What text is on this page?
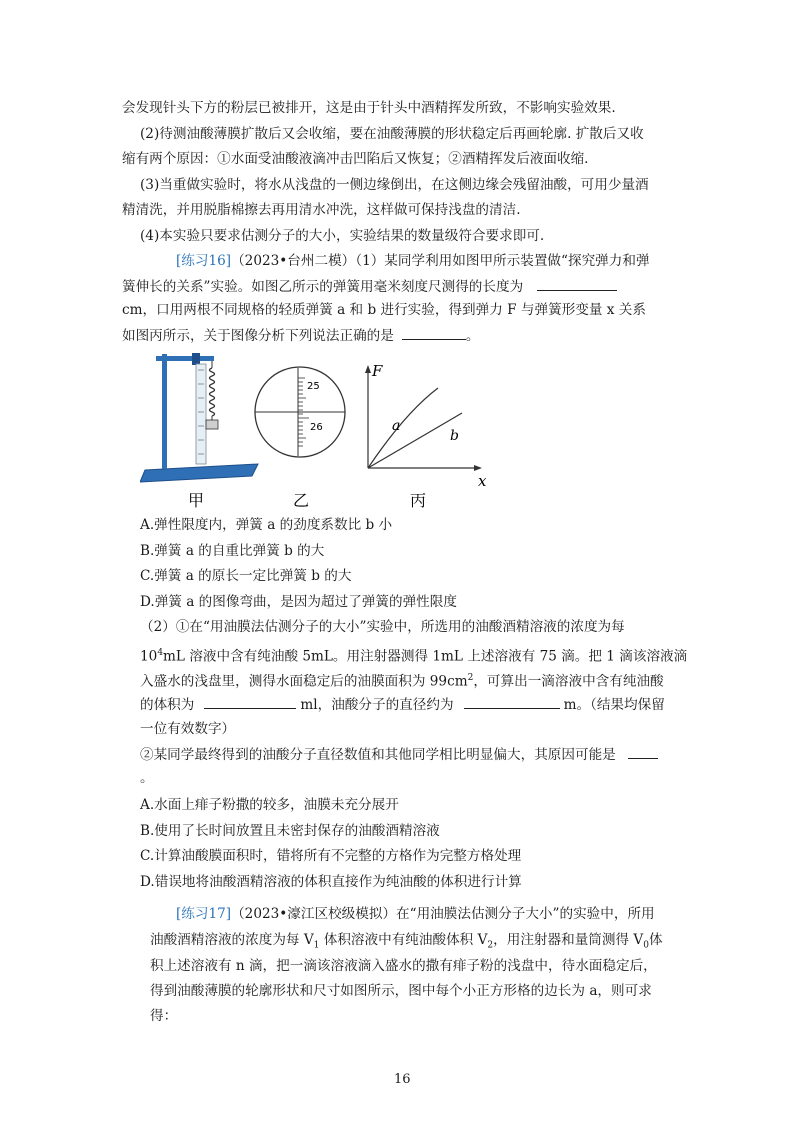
会发现针头下方的粉层已被排开，这是由于针头中酒精挥发所致，不影响实验效果.
(2)待测油酸薄膜扩散后又会收缩，要在油酸薄膜的形状稳定后再画轮廓. 扩散后又收
缩有两个原因：①水面受油酸液滴冲击凹陷后又恢复；②酒精挥发后液面收缩.
(3)当重做实验时，将水从浅盘的一侧边缘倒出，在这侧边缘会残留油酸，可用少量酒
精清洗，并用脱脂棉擦去再用清水冲洗，这样做可保持浅盘的清洁.
(4)本实验只要求估测分子的大小，实验结果的数量级符合要求即可.
[练习16]（2023•台州二模）（1）某同学利用如图甲所示装置做“探究弹力和弹
簧伸长的关系”实验。如图乙所示的弹簧用毫米刻度尺测得的长度为
cm，口用两根不同规格的轻质弹簧 a 和 b 进行实验，得到弹力 F 与弹簧形变量 x 关系
如图丙所示，关于图像分析下列说法正确的是	。
甲
25
26
乙
F
x
a
b
丙
A.弹性限度内，弹簧 a 的劲度系数比 b 小
B.弹簧 a 的自重比弹簧 b 的大
C.弹簧 a 的原长一定比弹簧 b 的大
D.弹簧 a 的图像弯曲，是因为超过了弹簧的弹性限度
（2）①在“用油膜法估测分子的大小”实验中，所选用的油酸酒精溶液的浓度为每
$10^4mL$ 溶液中含有纯油酸 5mL。用注射器测得 1mL 上述溶液有 75 滴。把 1 滴该溶液滴
入盛水的浅盘里，测得水面稳定后的油膜面积为 $99cm^2$，可算出一滴溶液中含有纯油酸
的体积为	ml，油酸分子的直径约为	m。（结果均保留
一位有效数字）
②某同学最终得到的油酸分子直径数值和其他同学相比明显偏大，其原因可能是
。
A.水面上痱子粉撒的较多，油膜未充分展开
B.使用了长时间放置且未密封保存的油酸酒精溶液
C.计算油酸膜面积时，错将所有不完整的方格作为完整方格处理
D.错误地将油酸酒精溶液的体积直接作为纯油酸的体积进行计算
[练习17]（2023•濠江区校级模拟）在“用油膜法估测分子大小”的实验中，所用
油酸酒精溶液的浓度为每 $V_1$ 体积溶液中有纯油酸体积 $V_2$，用注射器和量筒测得 $V_0$体
积上述溶液有 n 滴，把一滴该溶液滴入盛水的撒有痱子粉的浅盘中，待水面稳定后，
得到油酸薄膜的轮廓形状和尺寸如图所示，图中每个小正方形格的边长为 a，则可求
得：
16
